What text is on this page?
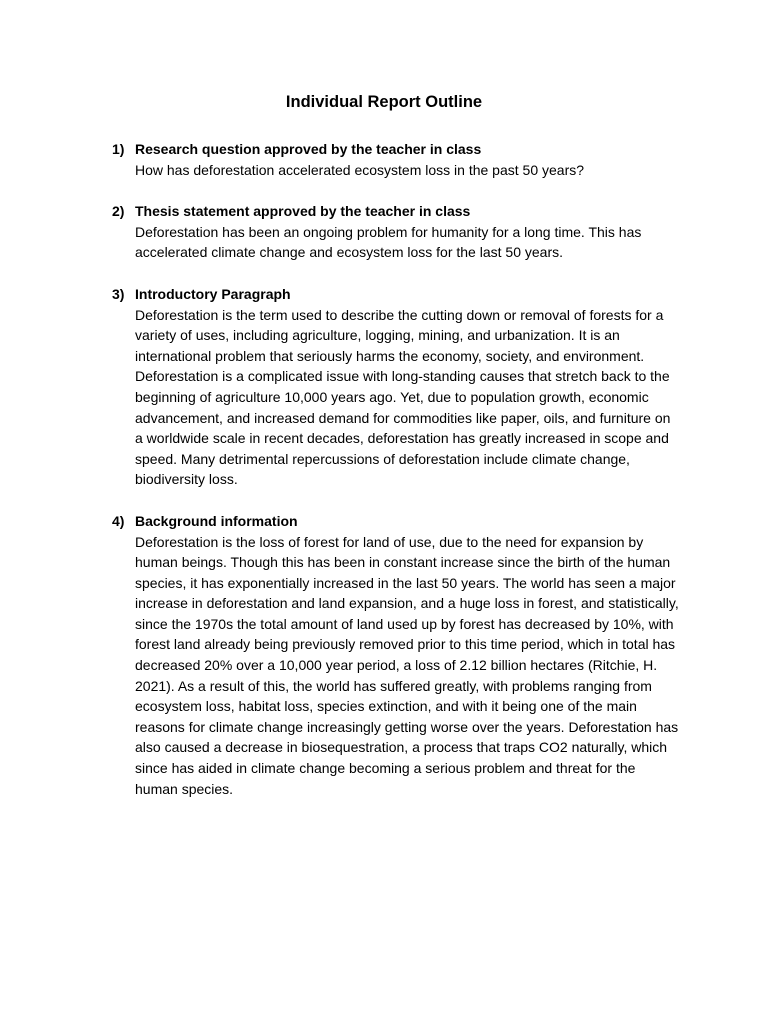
Individual Report Outline
1) Research question approved by the teacher in class

How has deforestation accelerated ecosystem loss in the past 50 years?

2) Thesis statement approved by the teacher in class

Deforestation has been an ongoing problem for humanity for a long time. This has accelerated climate change and ecosystem loss for the last 50 years.

3) Introductory Paragraph

Deforestation is the term used to describe the cutting down or removal of forests for a variety of uses, including agriculture, logging, mining, and urbanization. It is an international problem that seriously harms the economy, society, and environment. Deforestation is a complicated issue with long-standing causes that stretch back to the beginning of agriculture 10,000 years ago. Yet, due to population growth, economic advancement, and increased demand for commodities like paper, oils, and furniture on a worldwide scale in recent decades, deforestation has greatly increased in scope and speed. Many detrimental repercussions of deforestation include climate change, biodiversity loss.

4) Background information

Deforestation is the loss of forest for land of use, due to the need for expansion by human beings. Though this has been in constant increase since the birth of the human species, it has exponentially increased in the last 50 years. The world has seen a major increase in deforestation and land expansion, and a huge loss in forest, and statistically, since the 1970s the total amount of land used up by forest has decreased by 10%, with forest land already being previously removed prior to this time period, which in total has decreased 20% over a 10,000 year period, a loss of 2.12 billion hectares (Ritchie, H. 2021). As a result of this, the world has suffered greatly, with problems ranging from ecosystem loss, habitat loss, species extinction, and with it being one of the main reasons for climate change increasingly getting worse over the years. Deforestation has also caused a decrease in biosequestration, a process that traps CO2 naturally, which since has aided in climate change becoming a serious problem and threat for the human species.
